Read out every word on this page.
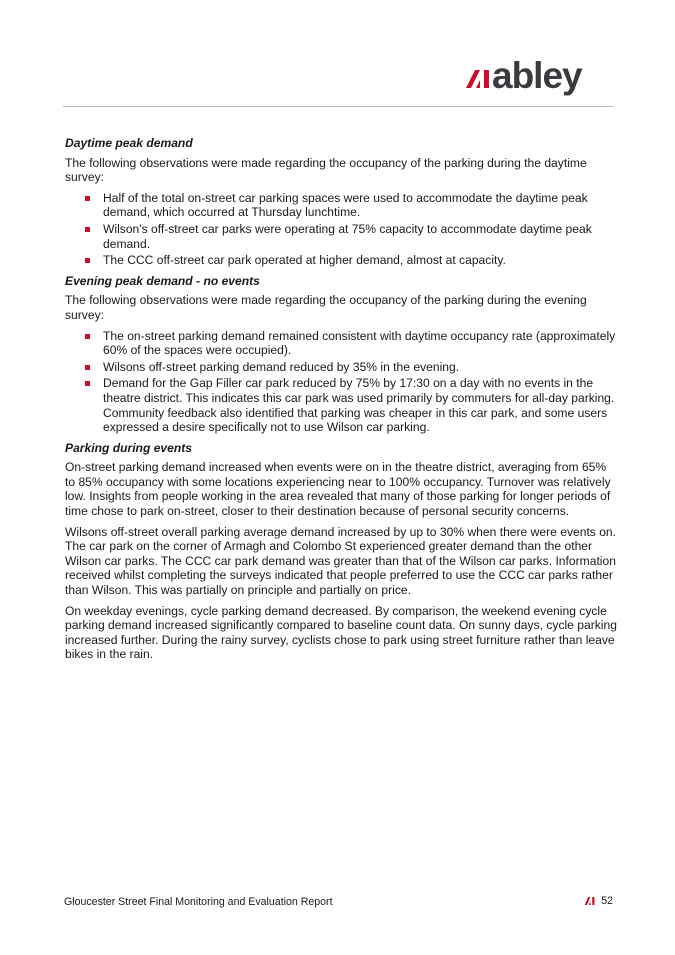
abley
Daytime peak demand

The following observations were made regarding the occupancy of the parking during the daytime survey:

Half of the total on-street car parking spaces were used to accommodate the daytime peak demand, which occurred at Thursday lunchtime.
Wilson's off-street car parks were operating at 75% capacity to accommodate daytime peak demand.
The CCC off-street car park operated at higher demand, almost at capacity.
Evening peak demand - no events

The following observations were made regarding the occupancy of the parking during the evening survey:

The on-street parking demand remained consistent with daytime occupancy rate (approximately 60% of the spaces were occupied).
Wilsons off-street parking demand reduced by 35% in the evening.
Demand for the Gap Filler car park reduced by 75% by 17:30 on a day with no events in the theatre district. This indicates this car park was used primarily by commuters for all-day parking. Community feedback also identified that parking was cheaper in this car park, and some users expressed a desire specifically not to use Wilson car parking.
Parking during events

On-street parking demand increased when events were on in the theatre district, averaging from 65% to 85% occupancy with some locations experiencing near to 100% occupancy. Turnover was relatively low. Insights from people working in the area revealed that many of those parking for longer periods of time chose to park on-street, closer to their destination because of personal security concerns.

Wilsons off-street overall parking average demand increased by up to 30% when there were events on. The car park on the corner of Armagh and Colombo St experienced greater demand than the other Wilson car parks. The CCC car park demand was greater than that of the Wilson car parks. Information received whilst completing the surveys indicated that people preferred to use the CCC car parks rather than Wilson. This was partially on principle and partially on price.

On weekday evenings, cycle parking demand decreased. By comparison, the weekend evening cycle parking demand increased significantly compared to baseline count data. On sunny days, cycle parking increased further. During the rainy survey, cyclists chose to park using street furniture rather than leave bikes in the rain.

Gloucester Street Final Monitoring and Evaluation Report	52
